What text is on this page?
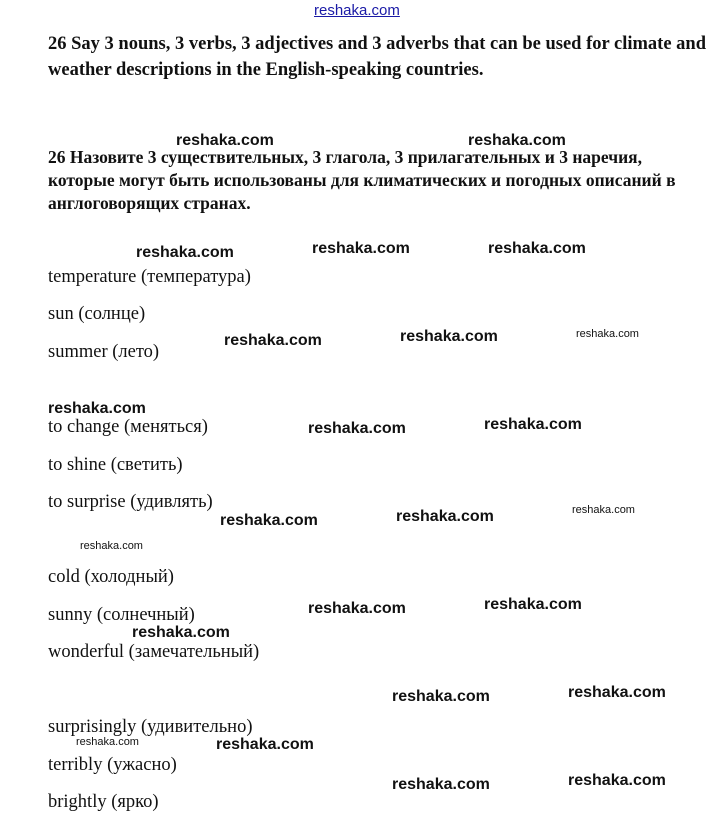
reshaka.com

26 Say 3 nouns, 3 verbs, 3 adjectives and 3 adverbs that can be used for climate and weather descriptions in the English-speaking countries.

26 Назовите 3 существительных, 3 глагола, 3 прилагательных и 3 наречия, которые могут быть использованы для климатических и погодных описаний в англоговорящих странах.

temperature (температура)
sun (солнце)
summer (лето)
to change (меняться)
to shine (светить)
to surprise (удивлять)
cold (холодный)
sunny (солнечный)
wonderful (замечательный)
surprisingly (удивительно)
terribly (ужасно)
brightly (ярко)
reshaka.com	reshaka.com
reshaka.com	reshaka.com	reshaka.com
reshaka.com	reshaka.com	reshaka.com
reshaka.com
reshaka.com	reshaka.com
reshaka.com	reshaka.com	reshaka.com
reshaka.com
reshaka.com	reshaka.com
reshaka.com
reshaka.com	reshaka.com
reshaka.com	reshaka.com
reshaka.com	reshaka.com
